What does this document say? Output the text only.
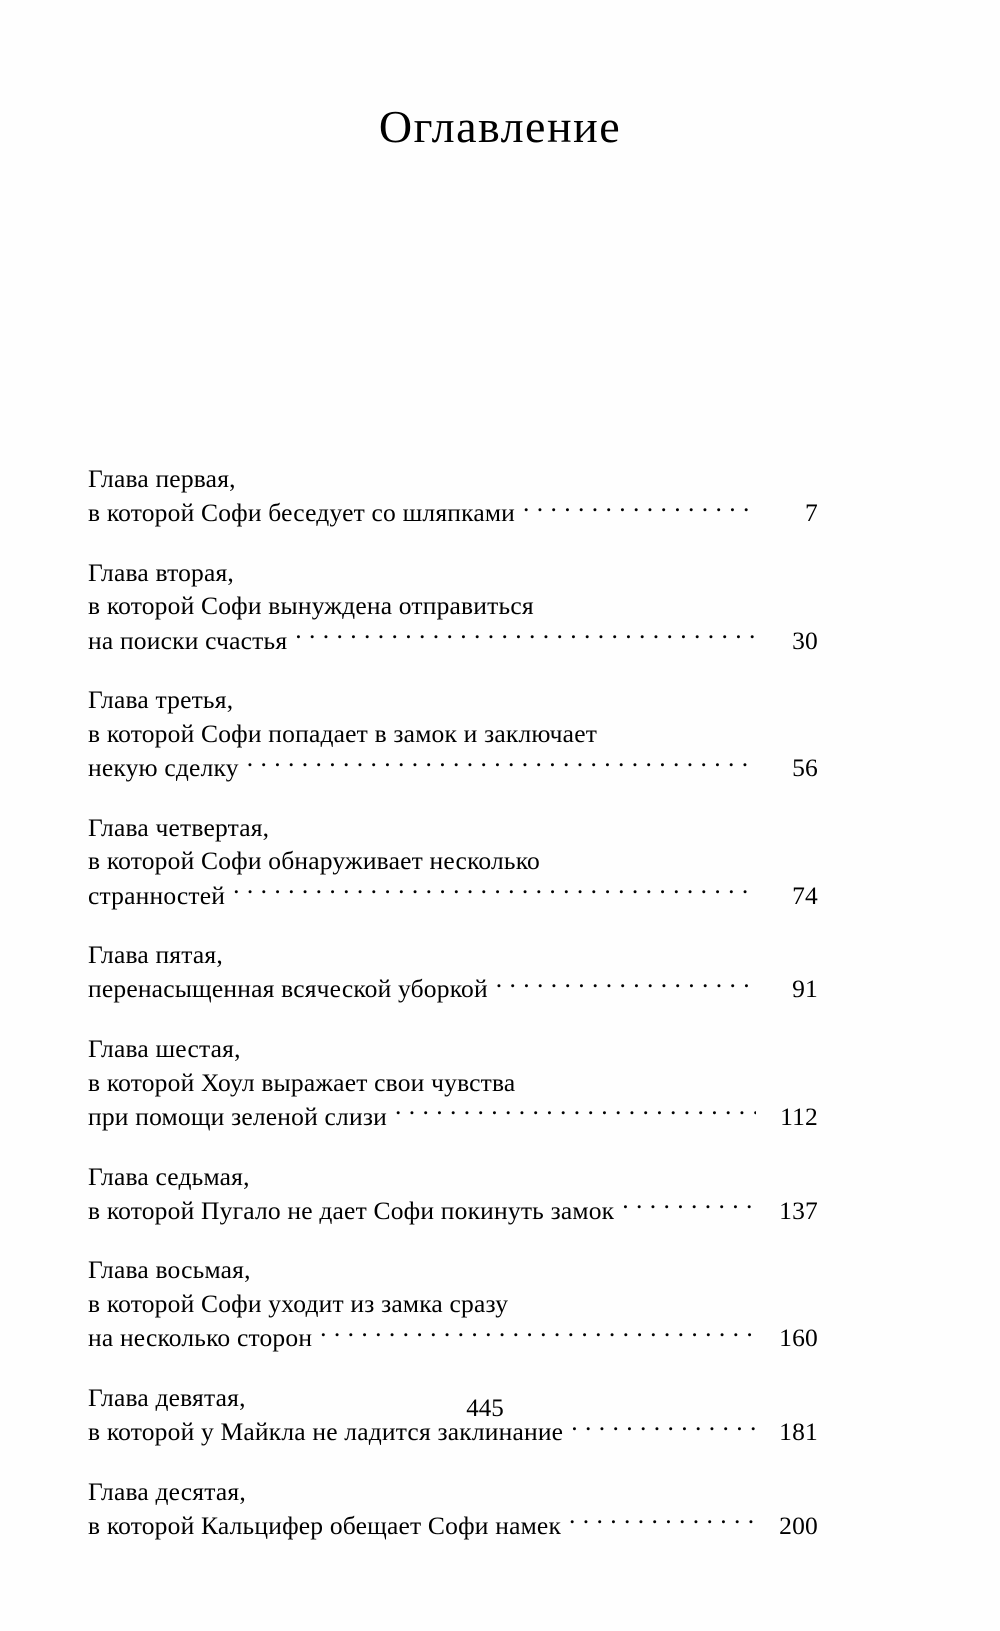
Оглавление
Глава первая,
в которой Софи беседует со шляпками . . .	7
Глава вторая,
в которой Софи вынуждена отправиться
на поиски счастья . . .	30
Глава третья,
в которой Софи попадает в замок и заключает
некую сделку . . .	56
Глава четвертая,
в которой Софи обнаруживает несколько
странностей . . .	74
Глава пятая,
перенасыщенная всяческой уборкой . . .	91
Глава шестая,
в которой Хоул выражает свои чувства
при помощи зеленой слизи . . .	112
Глава седьмая,
в которой Пугало не дает Софи покинуть замок . . .	137
Глава восьмая,
в которой Софи уходит из замка сразу
на несколько сторон . . .	160
Глава девятая,
в которой у Майкла не ладится заклинание . . .	181
Глава десятая,
в которой Кальцифер обещает Софи намек . . .	200
445
